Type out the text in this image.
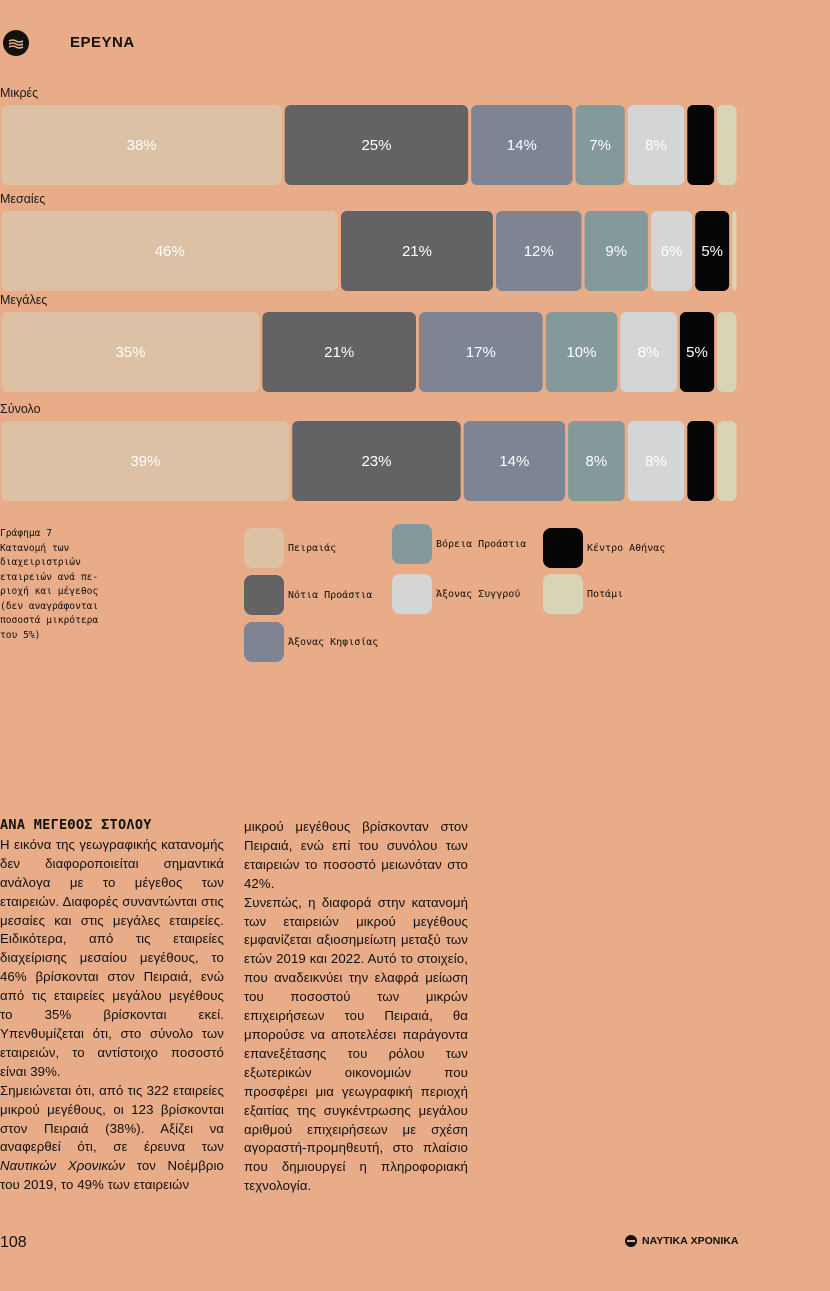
ΕΡΕΥΝΑ
Μικρές
38%	25%	14%	7% 8%
Μεσαίες
46%	21%	12%	9% 6% 5%
Μεγάλες
35%	21%	17%	10%	8% 5%
Σύνολο
39%	23%	14%	8%	8%
Γράφημα 7
Κατανομή των
διαχειριστριών
εταιρειών ανά πε-
ριοχή και μέγεθος
(δεν αναγράφονται
ποσοστά μικρότερα
του 5%)
Πειραιάς
Νότια Προάστια
Άξονας Κηφισίας
Βόρεια Προάστια
Άξονας Συγγρού
Κέντρο Αθήνας
Ποτάμι
ΑΝΑ ΜΕΓΕΘΟΣ ΣΤΟΛΟΥ

Η εικόνα της γεωγραφικής κατανομής δεν διαφοροποιείται σημαντικά ανάλογα με το μέγεθος των εταιρειών. Διαφορές συναντώνται στις μεσαίες και στις μεγάλες εταιρείες. Ειδικότερα, από τις εταιρείες διαχείρισης μεσαίου μεγέθους, το 46% βρίσκονται στον Πειραιά, ενώ από τις εταιρείες μεγάλου μεγέθους το 35% βρίσκονται εκεί. Υπενθυμίζεται ότι, στο σύνολο των εταιρειών, το αντίστοιχο ποσοστό είναι 39%.

Σημειώνεται ότι, από τις 322 εταιρείες μικρού μεγέθους, οι 123 βρίσκονται στον Πειραιά (38%). Αξίζει να αναφερθεί ότι, σε έρευνα των Ναυτικών Χρονικών τον Νοέμβριο του 2019, το 49% των εταιρειών

μικρού μεγέθους βρίσκονταν στον Πειραιά, ενώ επί του συνόλου των εταιρειών το ποσοστό μειωνόταν στο 42%.

Συνεπώς, η διαφορά στην κατανομή των εταιρειών μικρού μεγέθους εμφανίζεται αξιοσημείωτη μεταξύ των ετών 2019 και 2022. Αυτό το στοιχείο, που αναδεικνύει την ελαφρά μείωση του ποσοστού των μικρών επιχειρήσεων του Πειραιά, θα μπορούσε να αποτελέσει παράγοντα επανεξέτασης του ρόλου των εξωτερικών οικονομιών που προσφέρει μια γεωγραφική περιοχή εξαιτίας της συγκέντρωσης μεγάλου αριθμού επιχειρήσεων με σχέση αγοραστή-προμηθευτή, στο πλαίσιο που δημιουργεί η πληροφοριακή τεχνολογία.

108	ΝΑΥΤΙΚΑ ΧΡΟΝΙΚΑ
